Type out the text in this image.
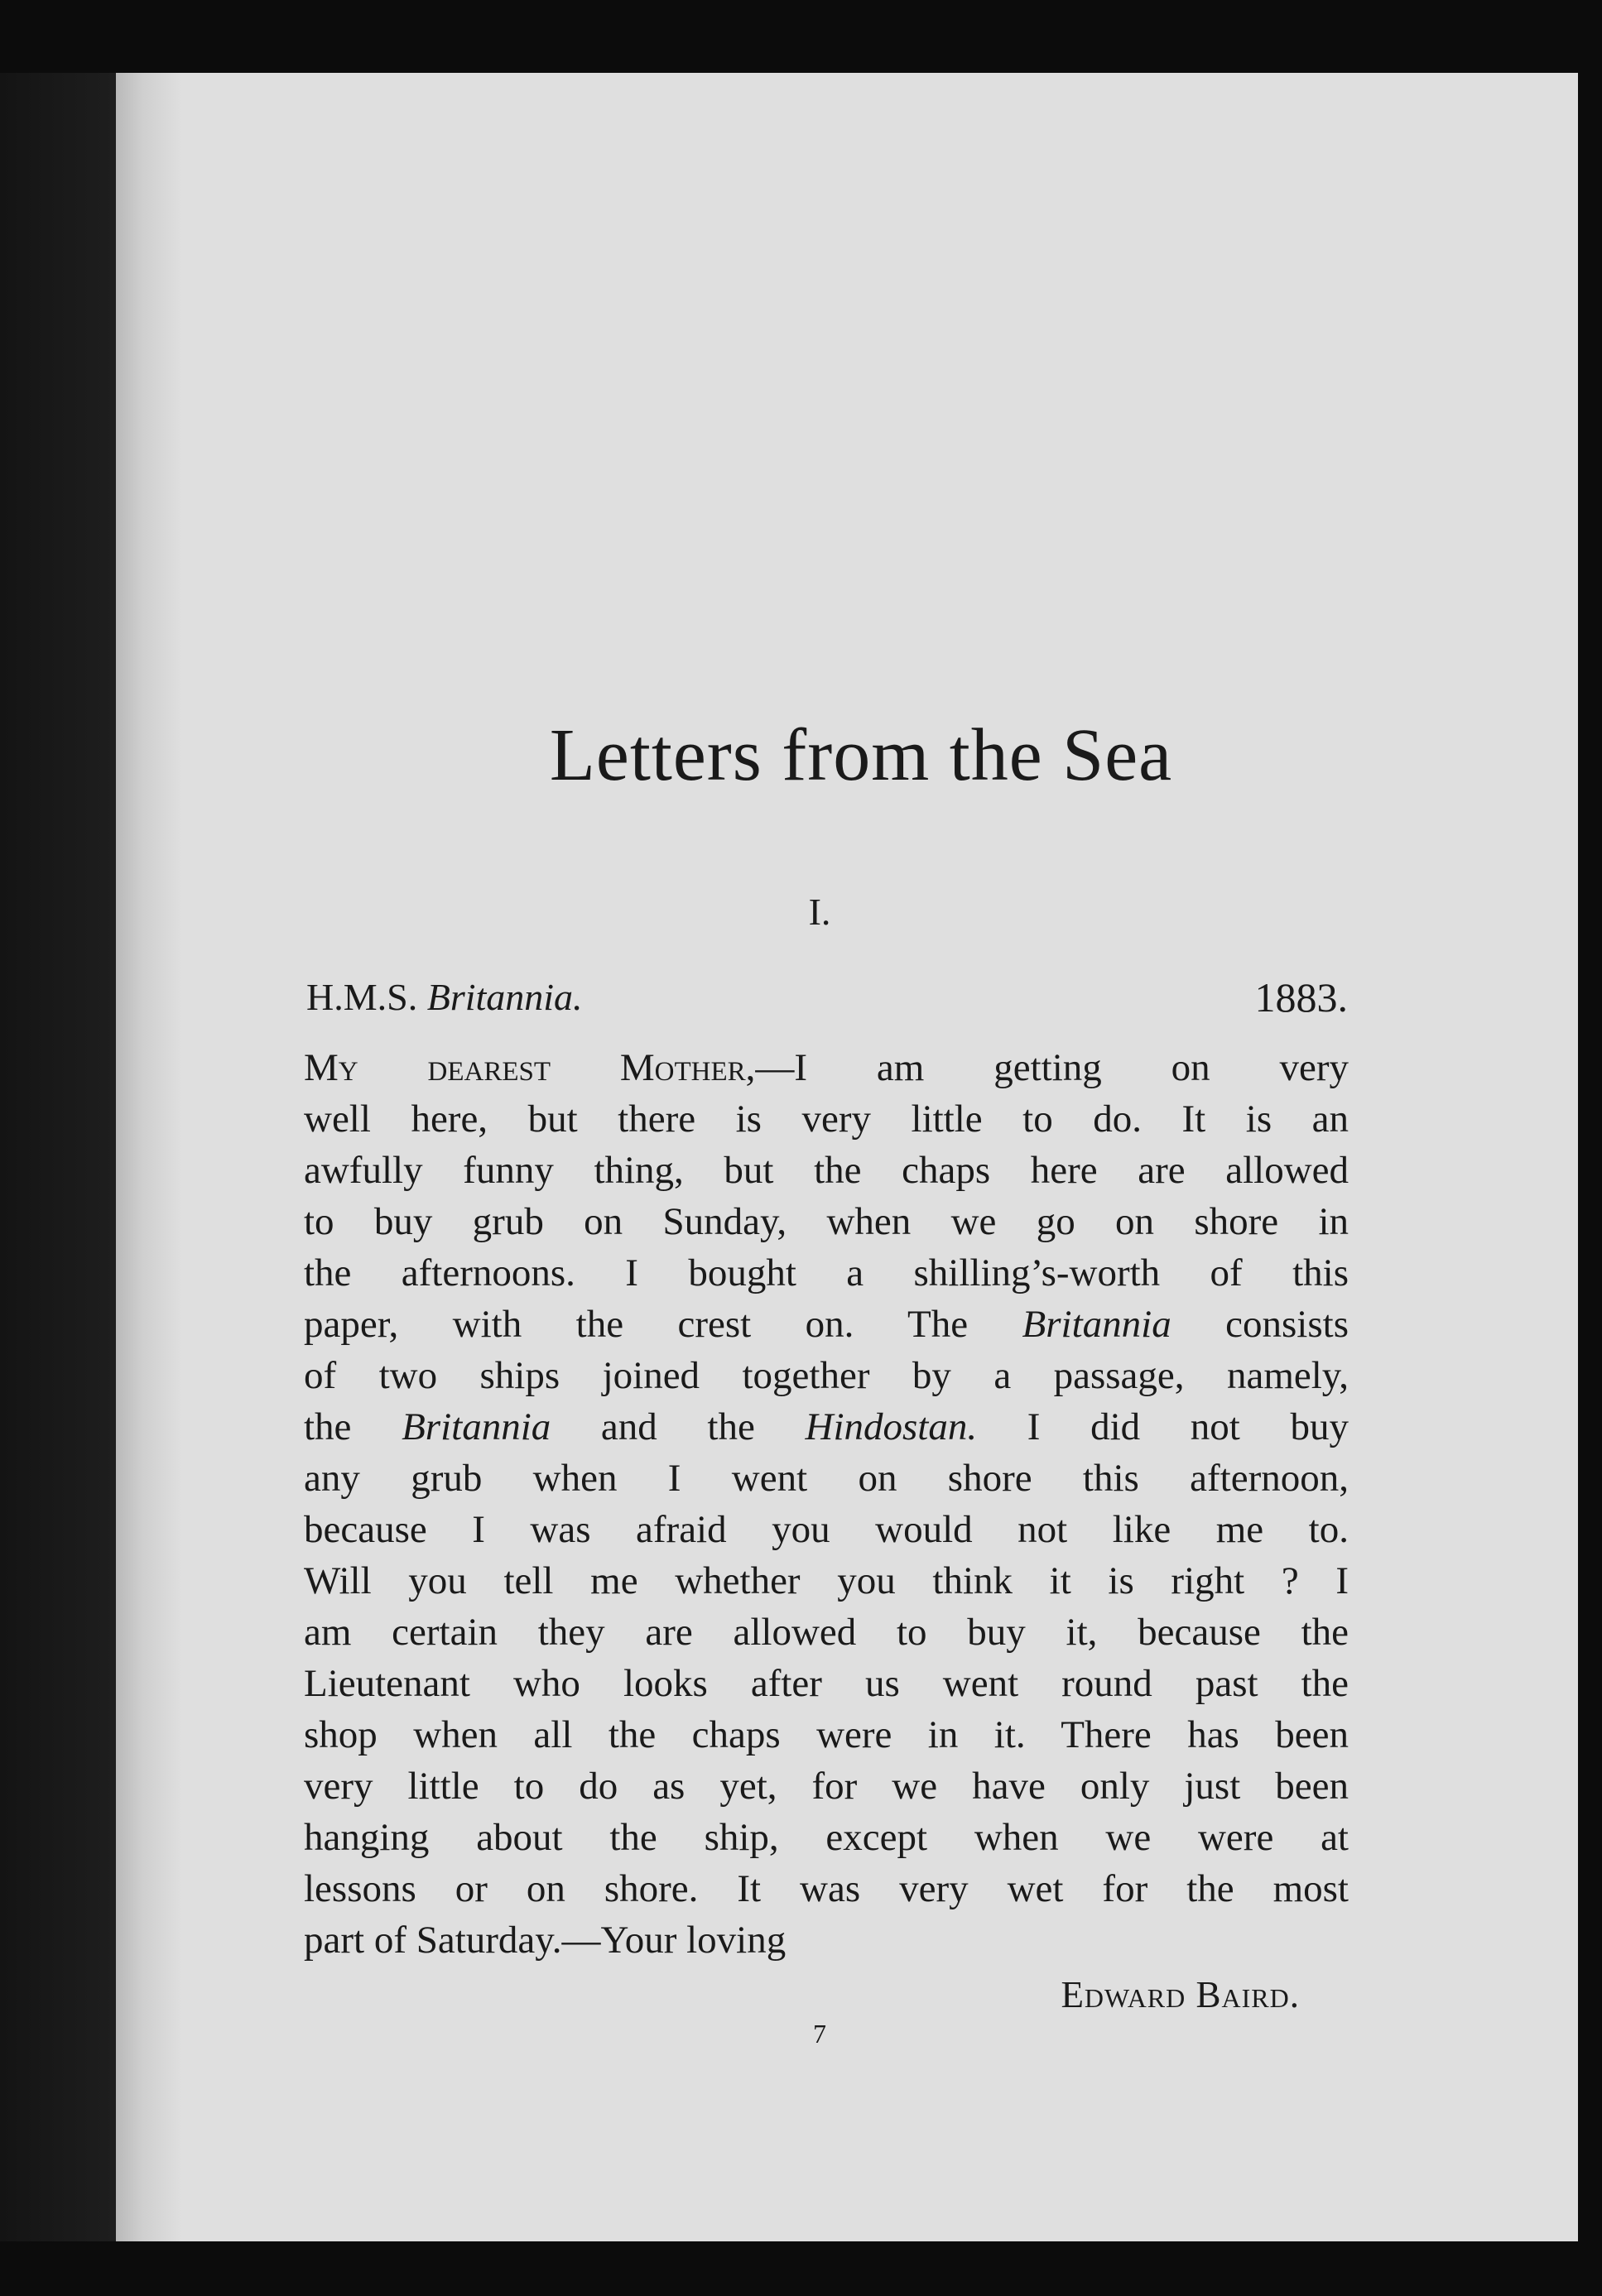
Letters from the Sea
I.
H.M.S. Britannia.	1883.
My dearest Mother,—I am getting on very
well here, but there is very little to do. It is an
awfully funny thing, but the chaps here are allowed
to buy grub on Sunday, when we go on shore in
the afternoons. I bought a shilling’s-worth of this
paper, with the crest on. The Britannia consists
of two ships joined together by a passage, namely,
the Britannia and the Hindostan. I did not buy
any grub when I went on shore this afternoon,
because I was afraid you would not like me to.
Will you tell me whether you think it is right ? I
am certain they are allowed to buy it, because the
Lieutenant who looks after us went round past the
shop when all the chaps were in it. There has been
very little to do as yet, for we have only just been
hanging about the ship, except when we were at
lessons or on shore. It was very wet for the most
part of Saturday.—Your loving
Edward Baird.
7
